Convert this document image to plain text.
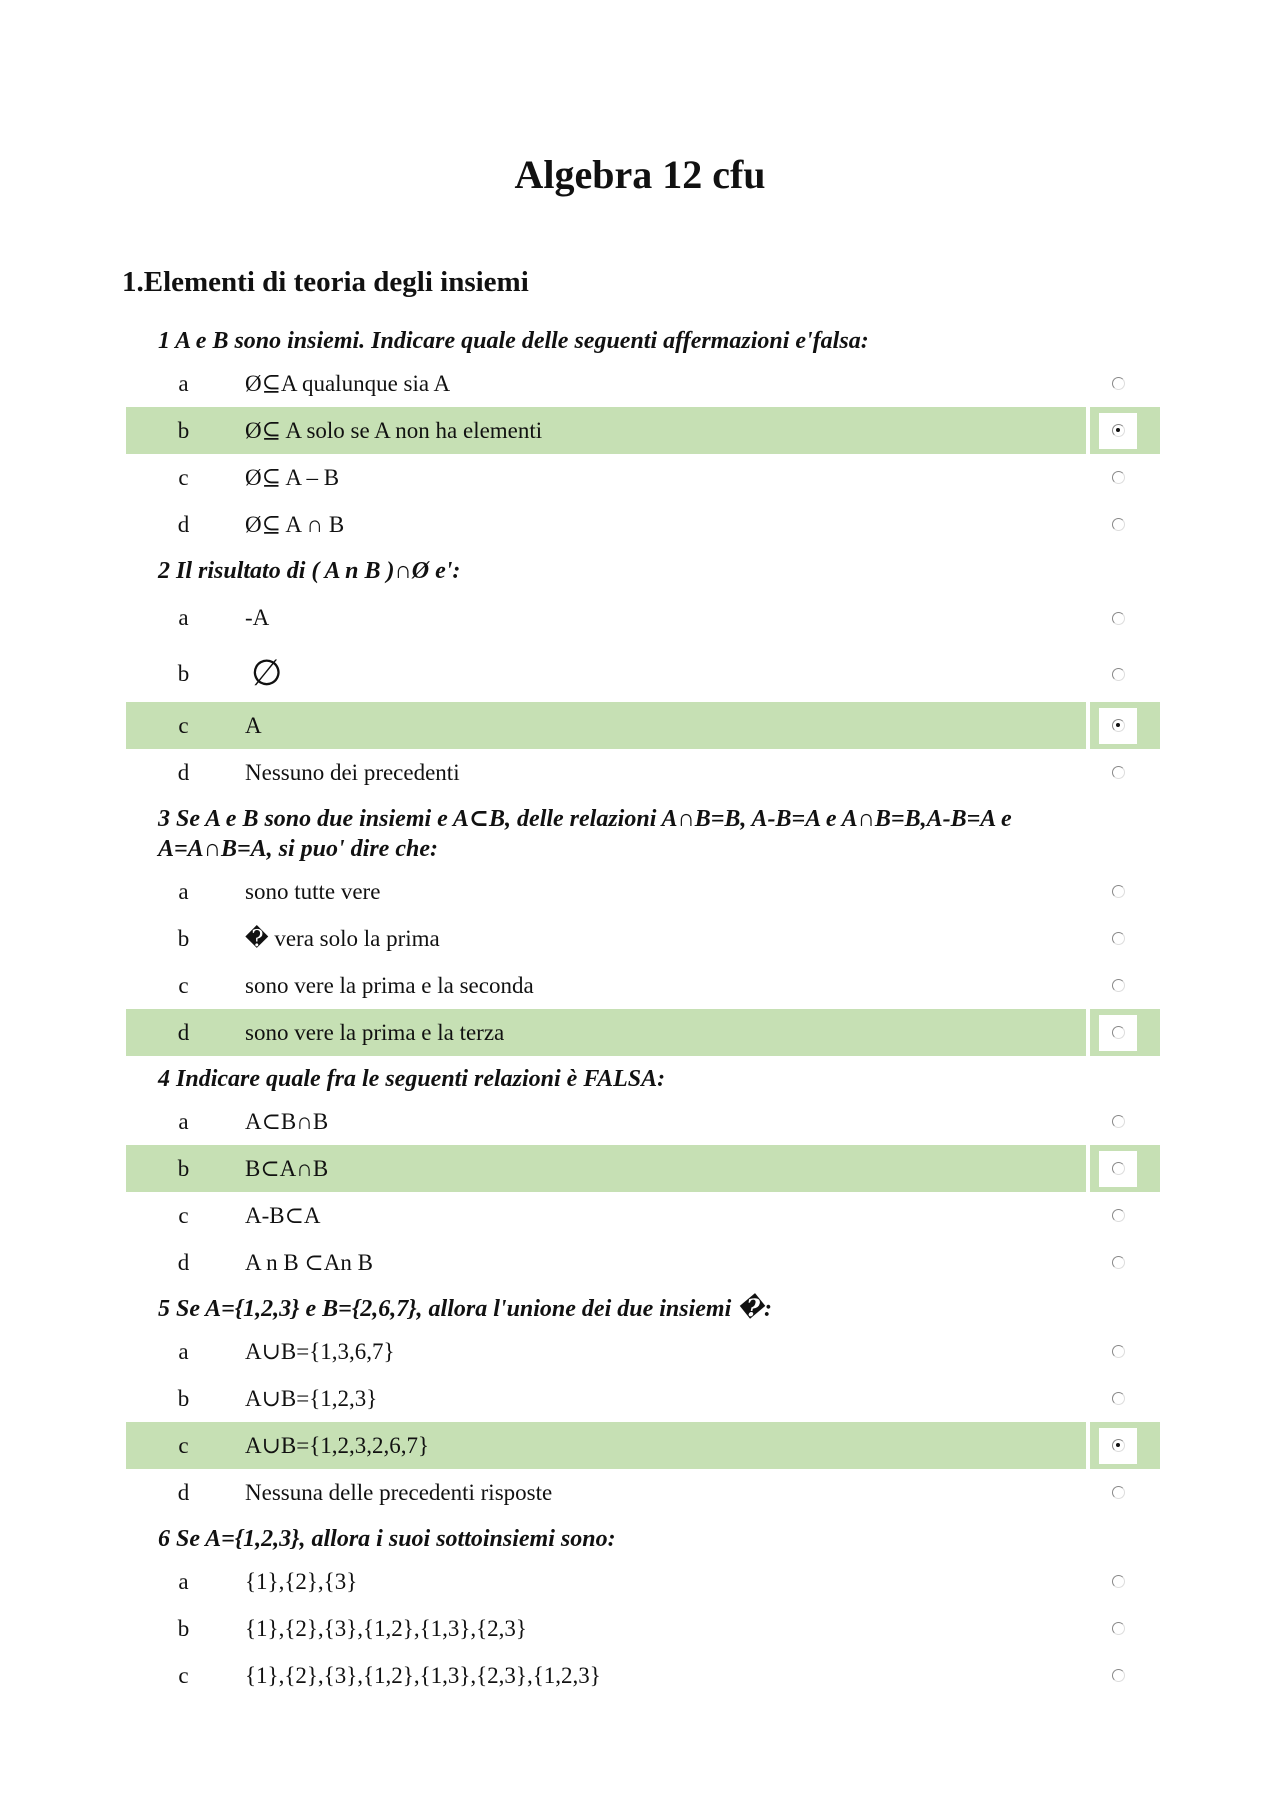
Algebra 12 cfu
1.Elementi di teoria degli insiemi
1 A e B sono insiemi. Indicare quale delle seguenti affermazioni e'falsa:
a	Ø⊆A qualunque sia A
b	Ø⊆ A solo se A non ha elementi
c	Ø⊆ A – B
d	Ø⊆ A ∩ B
2 Il risultato di ( A n B )∩Ø e':
a	-A
b	∅
c	A
d	Nessuno dei precedenti
3 Se A e B sono due insiemi e A⊂B, delle relazioni A∩B=B, A-B=A e A∩B=B,A-B=A e A=A∩B=A, si puo' dire che:
a	sono tutte vere
b	� vera solo la prima
c	sono vere la prima e la seconda
d	sono vere la prima e la terza
4 Indicare quale fra le seguenti relazioni è FALSA:
a	A⊂B∩B
b	B⊂A∩B
c	A-B⊂A
d	A n B ⊂An B
5 Se A={1,2,3} e B={2,6,7}, allora l'unione dei due insiemi �:
a	A∪B={1,3,6,7}
b	A∪B={1,2,3}
c	A∪B={1,2,3,2,6,7}
d	Nessuna delle precedenti risposte
6 Se A={1,2,3}, allora i suoi sottoinsiemi sono:
a	{1},{2},{3}
b	{1},{2},{3},{1,2},{1,3},{2,3}
c	{1},{2},{3},{1,2},{1,3},{2,3},{1,2,3}
